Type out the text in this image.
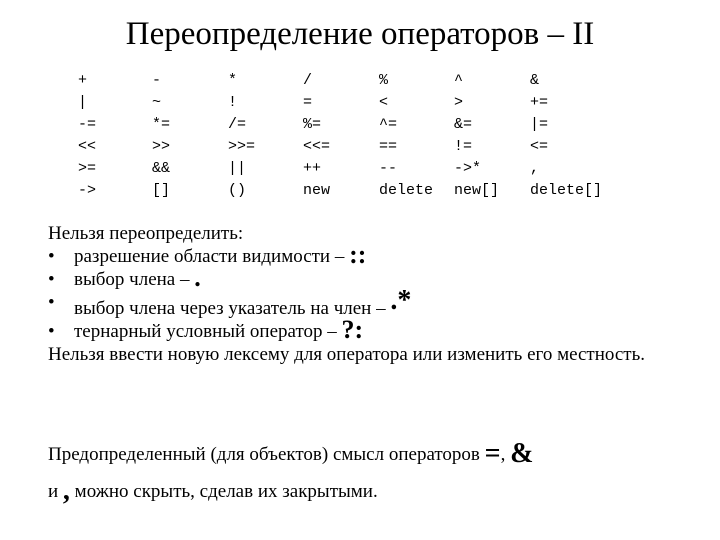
Переопределение операторов – II
+
|
-=
<<
>=
->
-
~
*=
>>
&&
[]
*
!
/=
>>=
||
()
/
=
%=
<<=
++
new
%
<
^=
==
--
delete
^
>
&=
!=
->*
new[]
&
+=
|=
<=
,
delete[]

Нельзя переопределить:

• разрешение области видимости – ::

• выбор члена – .

• выбор члена через указатель на член – .*

• тернарный условный оператор – ?:

Нельзя ввести новую лексему для оператора или изменить его местность.

Предопределенный (для объектов) смысл операторов =, &

и , можно скрыть, сделав их закрытыми.
